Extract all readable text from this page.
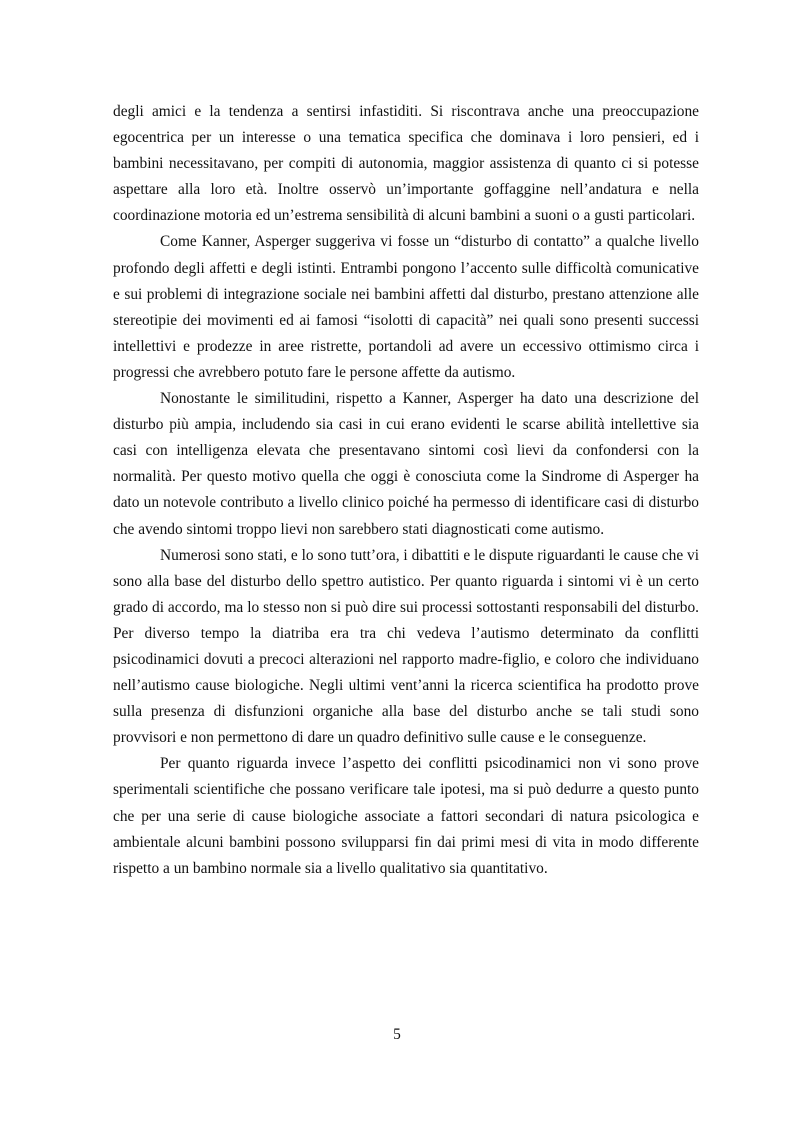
degli amici e la tendenza a sentirsi infastiditi. Si riscontrava anche una preoccupazione egocentrica per un interesse o una tematica specifica che dominava i loro pensieri, ed i bambini necessitavano, per compiti di autonomia, maggior assistenza di quanto ci si potesse aspettare alla loro età. Inoltre osservò un’importante goffaggine nell’andatura e nella coordinazione motoria ed un’estrema sensibilità di alcuni bambini a suoni o a gusti particolari.

Come Kanner, Asperger suggeriva vi fosse un “disturbo di contatto” a qualche livello profondo degli affetti e degli istinti. Entrambi pongono l’accento sulle difficoltà comunicative e sui problemi di integrazione sociale nei bambini affetti dal disturbo, prestano attenzione alle stereotipie dei movimenti ed ai famosi “isolotti di capacità” nei quali sono presenti successi intellettivi e prodezze in aree ristrette, portandoli ad avere un eccessivo ottimismo circa i progressi che avrebbero potuto fare le persone affette da autismo.

Nonostante le similitudini, rispetto a Kanner, Asperger ha dato una descrizione del disturbo più ampia, includendo sia casi in cui erano evidenti le scarse abilità intellettive sia casi con intelligenza elevata che presentavano sintomi così lievi da confondersi con la normalità. Per questo motivo quella che oggi è conosciuta come la Sindrome di Asperger ha dato un notevole contributo a livello clinico poiché ha permesso di identificare casi di disturbo che avendo sintomi troppo lievi non sarebbero stati diagnosticati come autismo.

Numerosi sono stati, e lo sono tutt’ora, i dibattiti e le dispute riguardanti le cause che vi sono alla base del disturbo dello spettro autistico. Per quanto riguarda i sintomi vi è un certo grado di accordo, ma lo stesso non si può dire sui processi sottostanti responsabili del disturbo. Per diverso tempo la diatriba era tra chi vedeva l’autismo determinato da conflitti psicodinamici dovuti a precoci alterazioni nel rapporto madre-figlio, e coloro che individuano nell’autismo cause biologiche. Negli ultimi vent’anni la ricerca scientifica ha prodotto prove sulla presenza di disfunzioni organiche alla base del disturbo anche se tali studi sono provvisori e non permettono di dare un quadro definitivo sulle cause e le conseguenze.

Per quanto riguarda invece l’aspetto dei conflitti psicodinamici non vi sono prove sperimentali scientifiche che possano verificare tale ipotesi, ma si può dedurre a questo punto che per una serie di cause biologiche associate a fattori secondari di natura psicologica e ambientale alcuni bambini possono svilupparsi fin dai primi mesi di vita in modo differente rispetto a un bambino normale sia a livello qualitativo sia quantitativo.

5
